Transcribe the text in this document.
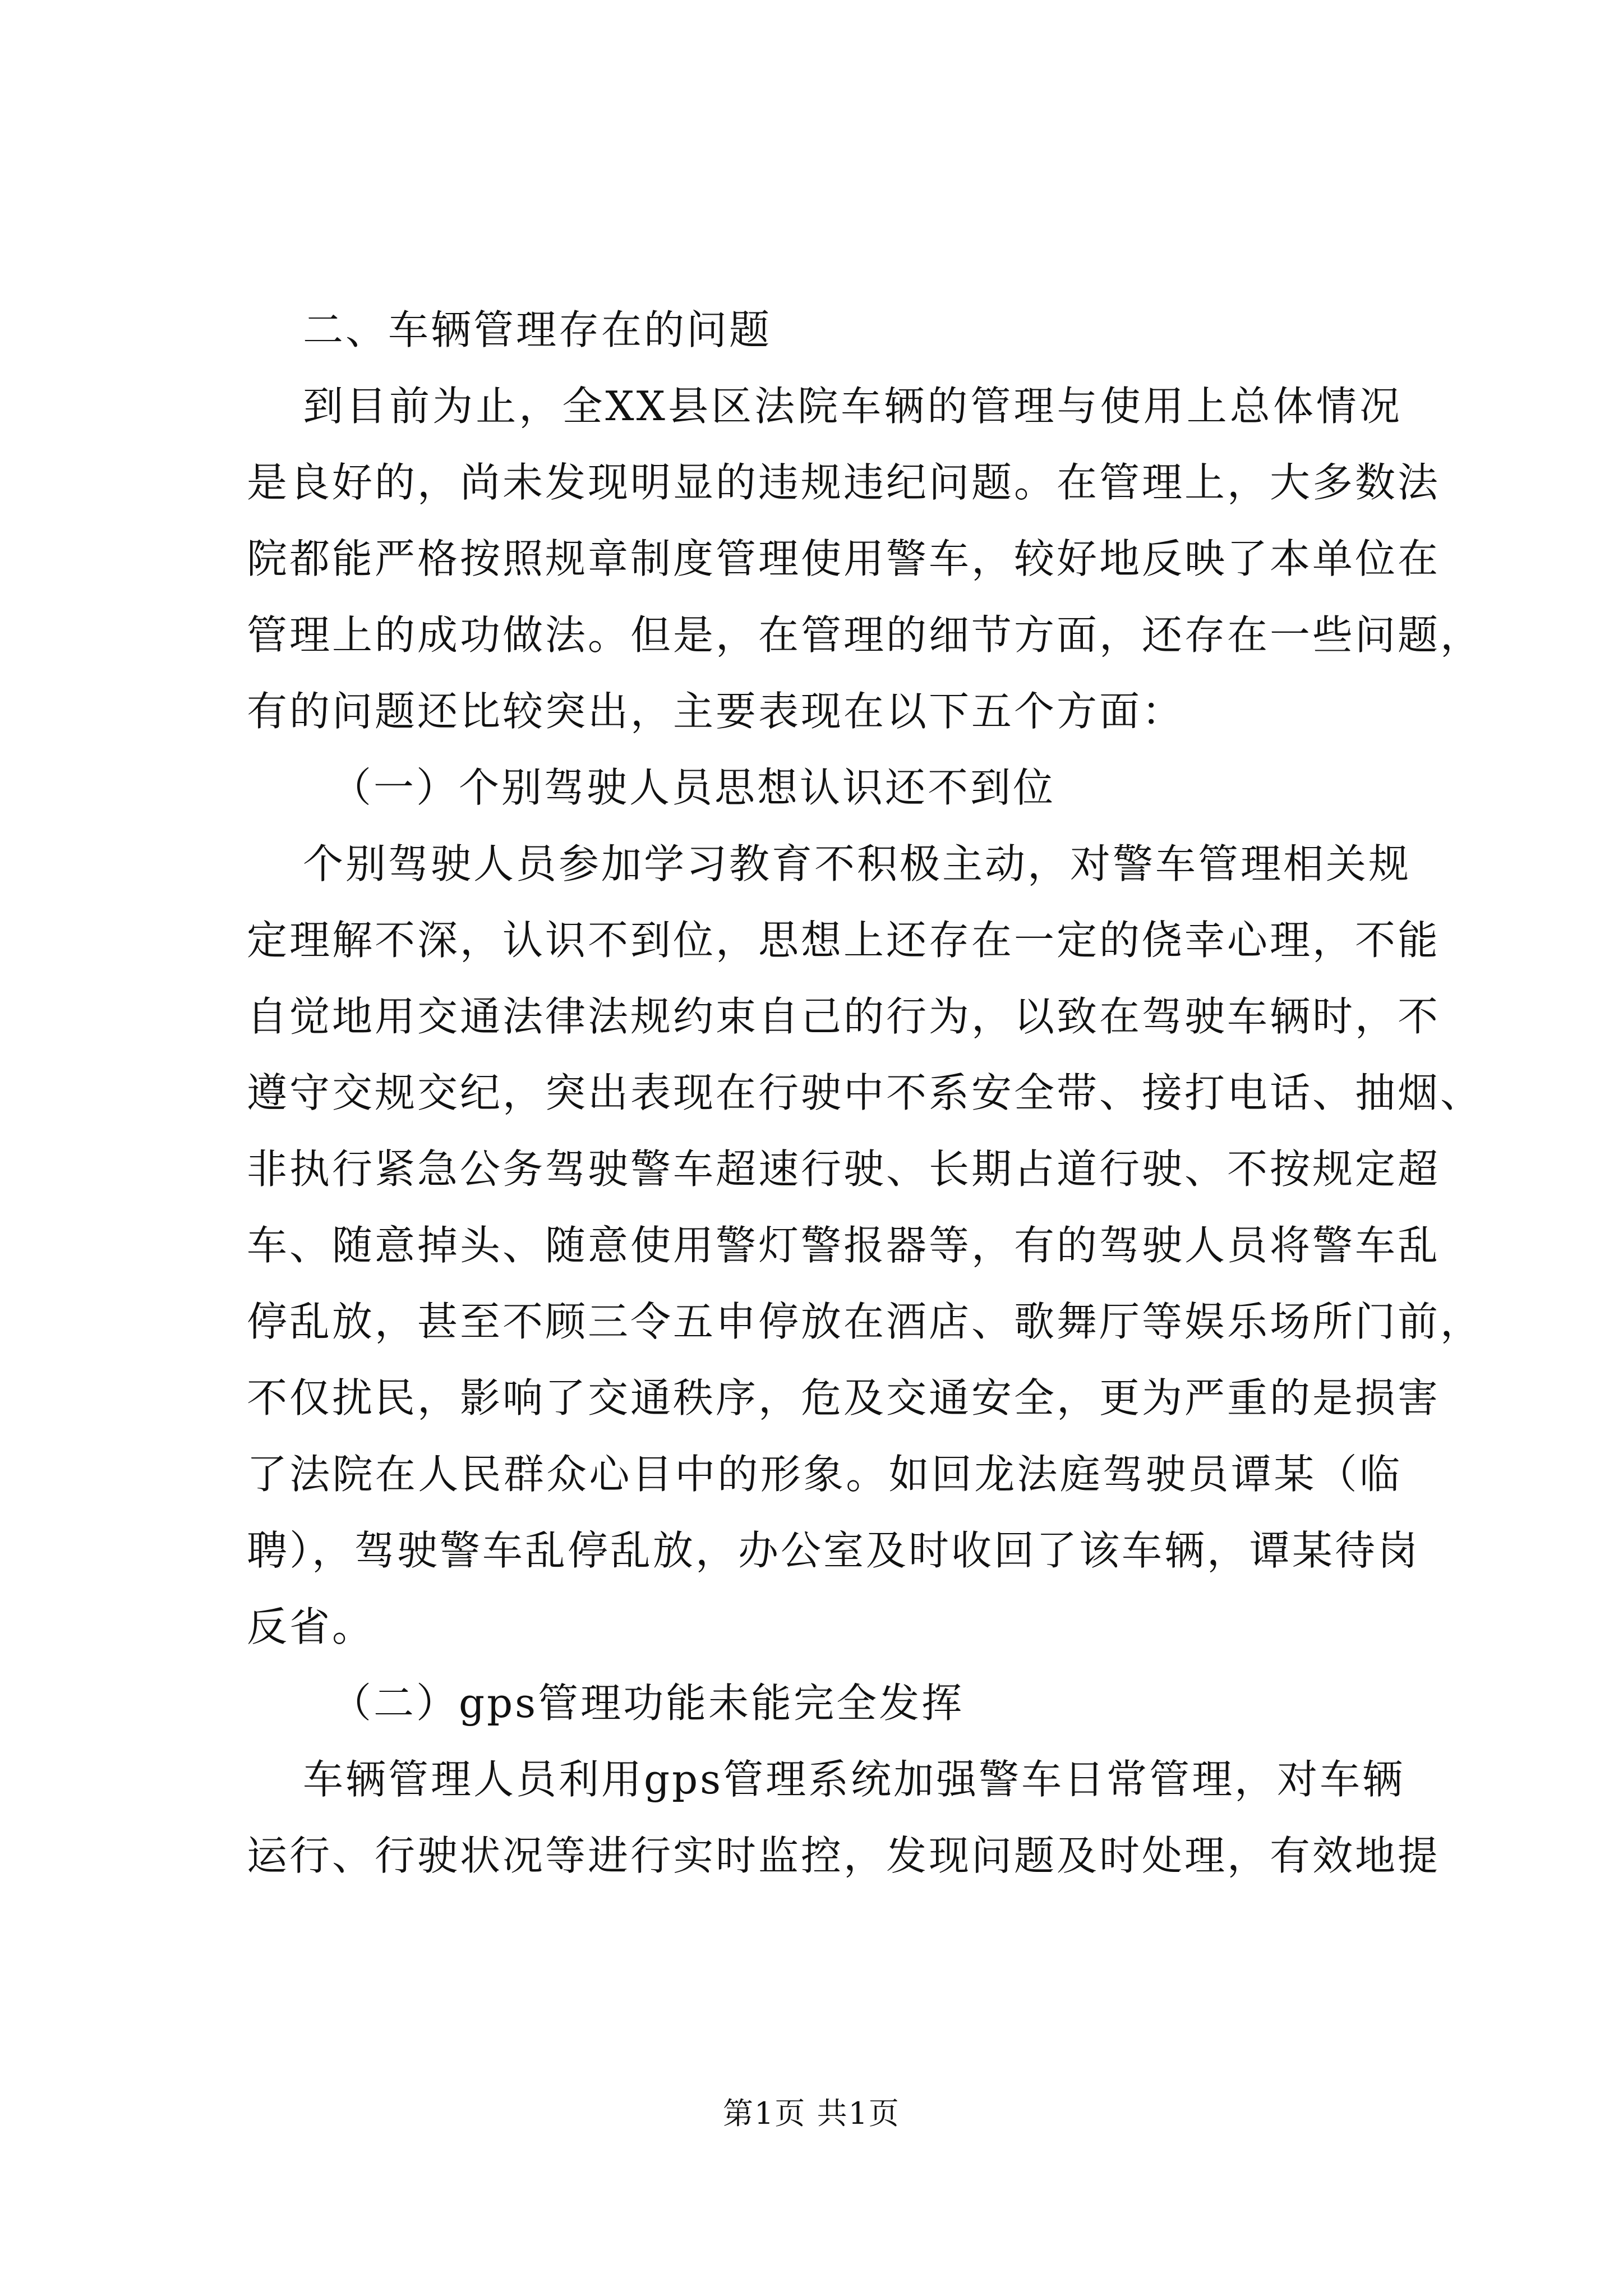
二、车辆管理存在的问题
到目前为止，全XX县区法院车辆的管理与使用上总体情况
是良好的，尚未发现明显的违规违纪问题。在管理上，大多数法
院都能严格按照规章制度管理使用警车，较好地反映了本单位在
管理上的成功做法。但是，在管理的细节方面，还存在一些问题，
有的问题还比较突出，主要表现在以下五个方面：
（一）个别驾驶人员思想认识还不到位
个别驾驶人员参加学习教育不积极主动，对警车管理相关规
定理解不深，认识不到位，思想上还存在一定的侥幸心理，不能
自觉地用交通法律法规约束自己的行为，以致在驾驶车辆时，不
遵守交规交纪，突出表现在行驶中不系安全带、接打电话、抽烟、
非执行紧急公务驾驶警车超速行驶、长期占道行驶、不按规定超
车、随意掉头、随意使用警灯警报器等，有的驾驶人员将警车乱
停乱放，甚至不顾三令五申停放在酒店、歌舞厅等娱乐场所门前，
不仅扰民，影响了交通秩序，危及交通安全，更为严重的是损害
了法院在人民群众心目中的形象。如回龙法庭驾驶员谭某（临
聘），驾驶警车乱停乱放，办公室及时收回了该车辆，谭某待岗
反省。
（二）gps管理功能未能完全发挥
车辆管理人员利用gps管理系统加强警车日常管理，对车辆
运行、行驶状况等进行实时监控，发现问题及时处理，有效地提
第1页 共1页
